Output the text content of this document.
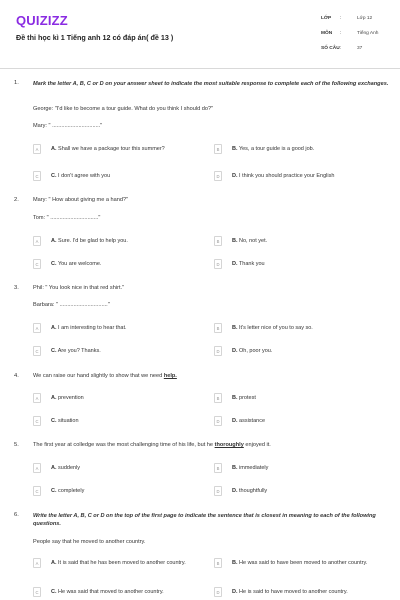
QUIZIZZ
Đề thi học kì 1 Tiếng anh 12 có đáp án( đề 13 )
LỚP :	Lớp 12
MÔN :	Tiếng Anh
SỐ CÂU :	37
1.	Mark the letter A, B, C or D on your answer sheet to indicate the most suitable response to complete each of the following exchanges.
George: "I'd like to become a tour guide. What do you think I should do?"
Mary: " ..............................."
A	A. Shall we have a package tour this summer?	B	B. Yes, a tour guide is a good job.
C	C. I don't agree with you	D	D. I think you should practice your English
2.	Mary: " How about giving me a hand?"
Tom: " ..............................."
A	A. Sure. I'd be glad to help you.	B	B. No, not yet.
C	C. You are welcome.	D	D. Thank you
3.	Phil: " You look nice in that red shirt."
Barbara: " ..............................."
A	A. I am interesting to hear that.	B	B. It's letter nice of you to say so.
C	C. Are you? Thanks.	D	D. Oh, poor you.
4.	We can raise our hand slightly to show that we need help.
A	A. prevention	B	B. protest
C	C. situation	D	D. assistance
5.	The first year at colledge was the most challenging time of his life, but he thoroughly enjoyed it.
A	A. suddenly	B	B. immediately
C	C. completely	D	D. thoughtfully
6.	Write the letter A, B, C or D on the top of the first page to indicate the sentence that is closest in meaning to each of the following questions.
People say that he moved to another country.
A	A. It is said that he has been moved to another country.	B	B. He was said to have been moved to another country.
C	C. He was said that moved to another country.	D	D. He is said to have moved to another country.
